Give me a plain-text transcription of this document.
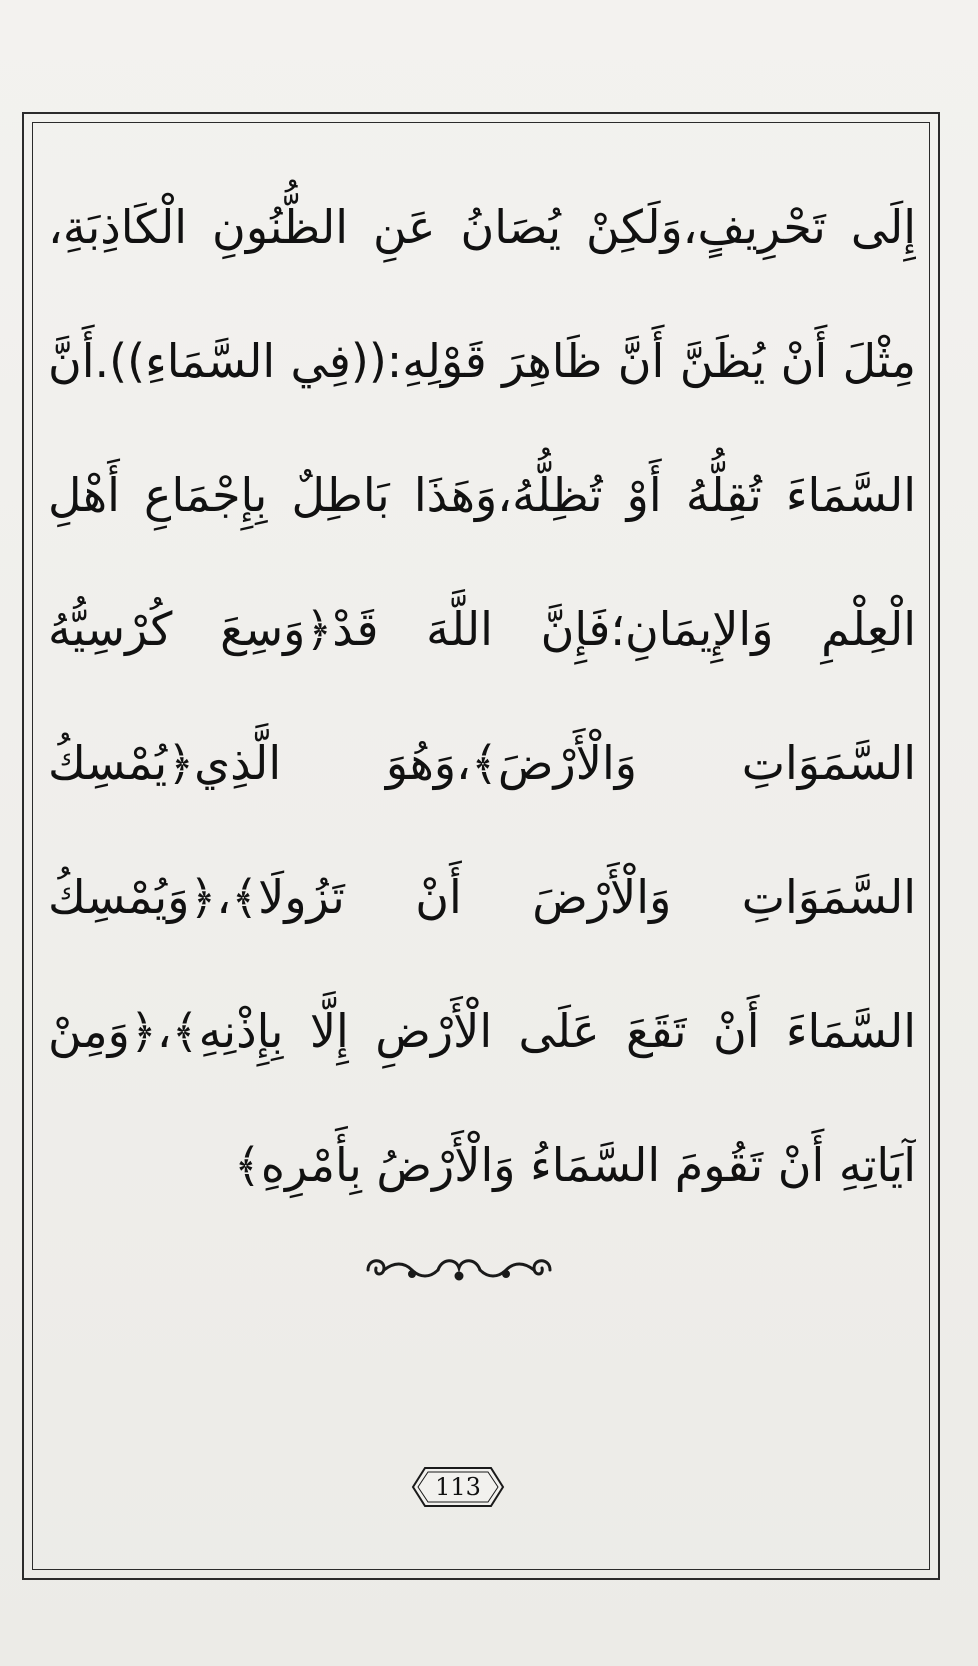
إِلَى تَحْرِيفٍ،وَلَكِنْ يُصَانُ عَنِ الظُّنُونِ الْكَاذِبَةِ،
مِثْلَ أَنْ يُظَنَّ أَنَّ ظَاهِرَ قَوْلِهِ:((فِي السَّمَاءِ)).أَنَّ
السَّمَاءَ تُقِلُّهُ أَوْ تُظِلُّهُ،وَهَذَا بَاطِلٌ بِإِجْمَاعِ أَهْلِ
الْعِلْمِ وَالإِيمَانِ؛فَإِنَّ اللَّهَ قَدْ﴿وَسِعَ كُرْسِيُّهُ
السَّمَوَاتِ وَالْأَرْضَ﴾،وَهُوَ الَّذِي﴿يُمْسِكُ
السَّمَوَاتِ وَالْأَرْضَ أَنْ تَزُولَا﴾،﴿وَيُمْسِكُ
السَّمَاءَ أَنْ تَقَعَ عَلَى الْأَرْضِ إِلَّا بِإِذْنِهِ﴾،﴿وَمِنْ
آيَاتِهِ أَنْ تَقُومَ السَّمَاءُ وَالْأَرْضُ بِأَمْرِهِ﴾
113
